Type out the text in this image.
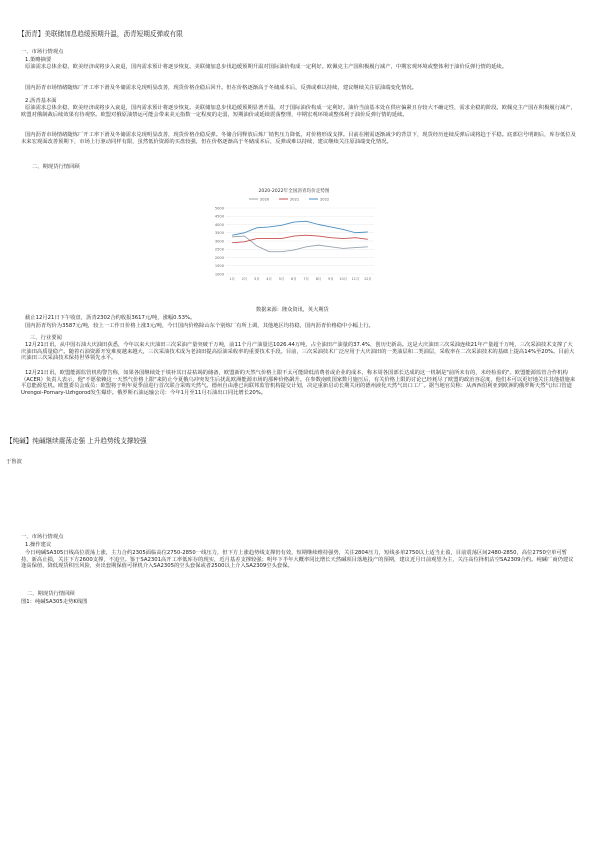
【沥青】美联储加息趋缓预期升温，沥青短期反弹或有限
一、市场行情观点
1.策略摘要
原油需求总体企稳，欧美经济或将步入衰退，国内需求预计将逐步恢复。美联储加息步伐趋缓预期升温对国际油价构成一定利好。欧佩克主产国积极履行减产，中期宏观环境或整体利于油价反弹行情的延续。
国内沥青市场情绪随炼厂开工率下滑及冬储需求兑现明显改善，现货价格企稳后回升。但在价格逐渐高于冬储成本后，反弹或难以持续，建议继续关注原油端变化情况。
2.沥青基本面
原油需求总体企稳，欧美经济或将步入衰退，国内需求预计将逐步恢复。美联储加息步伐趋缓预期显著升温，对于国际油价构成一定利好。油价当前基本处在供应偏紧且存较大不确定性，需求企稳的阶段。欧佩克主产国在积极履行减产，欧盟对俄制裁后续效果有待观察。欧盟对俄原油禁运可能会带来美元指数一定程度的走弱，短期油价或延续震荡整理，中期宏观环境或整体利于油价反弹行情的延续。
国内沥青市场情绪随炼厂开工率下滑及冬储需求兑现明显改善，现货价格企稳反弹。冬储合同释放后炼厂销售压力降低，对价格形成支撑。目前在刚需逐渐减少的背景下，现货经历连续反弹后或将趋于平稳。底部信号明朗后，库存低位及未来宏观面改善预期下，市场上行驱动同样有限，虽然低价资源的买盘较强，但在价格逐渐高于冬储成本后，反弹或难以持续，建议继续关注原油端变化情况。
二、期现货行情回顾
2020-2022年全国沥青均价走势图
2020	2021	2022
1000
1500
2000
2500
3000
3500
4000
4500
5000
1月 2月 3月 4月 5月 6月 7月 8月 9月 10月 11月 12月
数据来源：隆众资讯，英大期货
截止12月21日下午收盘，沥青2302合约收报3617元/吨，涨幅0.53%。
国内沥青均价为3587元/吨，较上一工作日价格上涨3元/吨，今日国内价格除山东个别炼厂有所上调，其他地区均持稳，国内沥青价格稳中小幅上行。
三、行业要闻
12月21日讯，从中国石油大庆油田获悉，今年以来大庆油田三次采油产量突破千万吨，前11个月产油量达1026.44万吨，占全油田产油量的37.4%，创历史新高。这是大庆油田三次采油连续21年产量超千万吨，三次采油技术支撑了大庆油田高质量稳产。随着石油资源开发难度越来越大，三次采油技术成为老油田提高原油采收率的重要技术手段。目前，三次采油技术广泛应用于大庆油田的一类油层和二类油层，采收率在二次采油技术的基础上提高14%至20%。目前大庆油田三次采油技术保持世界领先水平。
12月21日讯，欧盟能源监管机构警告称，如果各国继续处于填补其日益枯竭的储备，欧盟新的天然气价格上限不太可能降低消费者或企业的成本，称本周各国部长达成的这一机制是"前所未有的，未经检验的"。欧盟能源监管合作机构（ACER）负责人表示，他"不愿依赖这一天然气价格上限"来防止今夏俄乌冲突发生后扰乱欧洲能源市场的那种价格飙升。在参数南欧国家数月施压后，有关价格上限的讨论已经耗尽了欧盟的政治容忍度，他们本可以更好地关注其他措施来平息能源危机。欧盟委员会成员：欧盟将于明年夏季前进行首次联合采购天然气。德州自由港已向联邦监管机构提交计划，决定重新启动长期关闭的德州液化天然气出口工厂。据当地官员称：从西西伯利亚到欧洲的俄罗斯天然气出口管道Urengoi-Pomary-Uzhgorod发生爆炸。俄罗斯石油运输公司：今年1月至11月石油出口同比增长20%。
【纯碱】纯碱继续震荡走强 上升趋势线支撑较强
于鲁波
一、市场行情观点
1.操作建议
今日纯碱SA305日线高位震荡上涨，主力合约2305面临高位2750-2850一线压力，但下方上涨趋势线支撑仍有效，短期继续维持强势，关注2804压力，短线多单2750以上适当止盈，目前震荡区间2480-2850，高位2750空单可暂持，新高止损，关注下方2600支撑，不追空。鉴于SA2301高开工率低库存的现实，近月基差支撑较强；明年下半年大概率同比增长天然碱项目落地投产的预期，建议近月日前观望为主，关注高位择机沽空SA2309合约。纯碱厂商仍建议逢高保值，降低现货积压风险，卖出套期保值可择机介入SA2305的空头套保或者2500以上介入SA2309空头套保。
二、期现货行情回顾
图1：纯碱SA305走势K线图
